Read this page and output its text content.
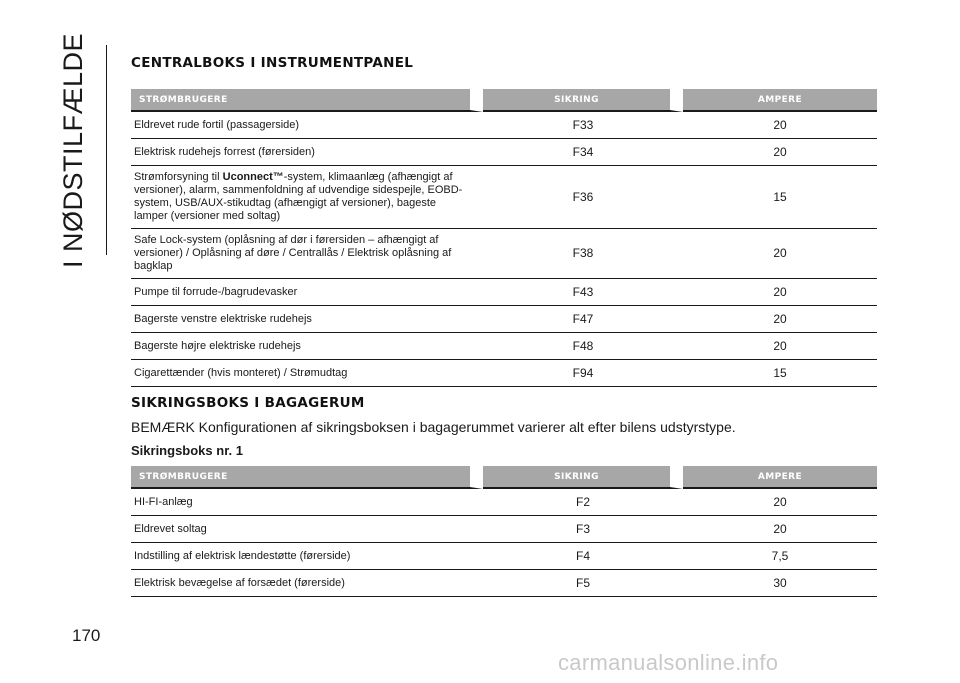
I NØDSTILFÆLDE	CENTRALBOKS I INSTRUMENTPANEL
STRØMBRUGERE	SIKRING	AMPERE
Eldrevet rude fortil (passagerside)	F33	20
Elektrisk rudehejs forrest (førersiden)	F34	20
Strømforsyning til Uconnect™-system, klimaanlæg (afhængigt af versioner), alarm, sammenfoldning af udvendige sidespejle, EOBD-system, USB/AUX-stikudtag (afhængigt af versioner), bageste lamper (versioner med soltag)	F36	15
Safe Lock-system (oplåsning af dør i førersiden – afhængigt af versioner) / Oplåsning af døre / Centrallås / Elektrisk oplåsning af bagklap	F38	20
Pumpe til forrude-/bagrudevasker	F43	20
Bagerste venstre elektriske rudehejs	F47	20
Bagerste højre elektriske rudehejs	F48	20
Cigarettænder (hvis monteret) / Strømudtag	F94	15
SIKRINGSBOKS I BAGAGERUM

BEMÆRK Konfigurationen af sikringsboksen i bagagerummet varierer alt efter bilens udstyrstype.

Sikringsboks nr. 1

STRØMBRUGERE	SIKRING	AMPERE
HI-FI-anlæg	F2	20
Eldrevet soltag	F3	20
Indstilling af elektrisk lændestøtte (førerside)	F4	7,5
Elektrisk bevægelse af forsædet (førerside)	F5	30
170
carmanualsonline.info
